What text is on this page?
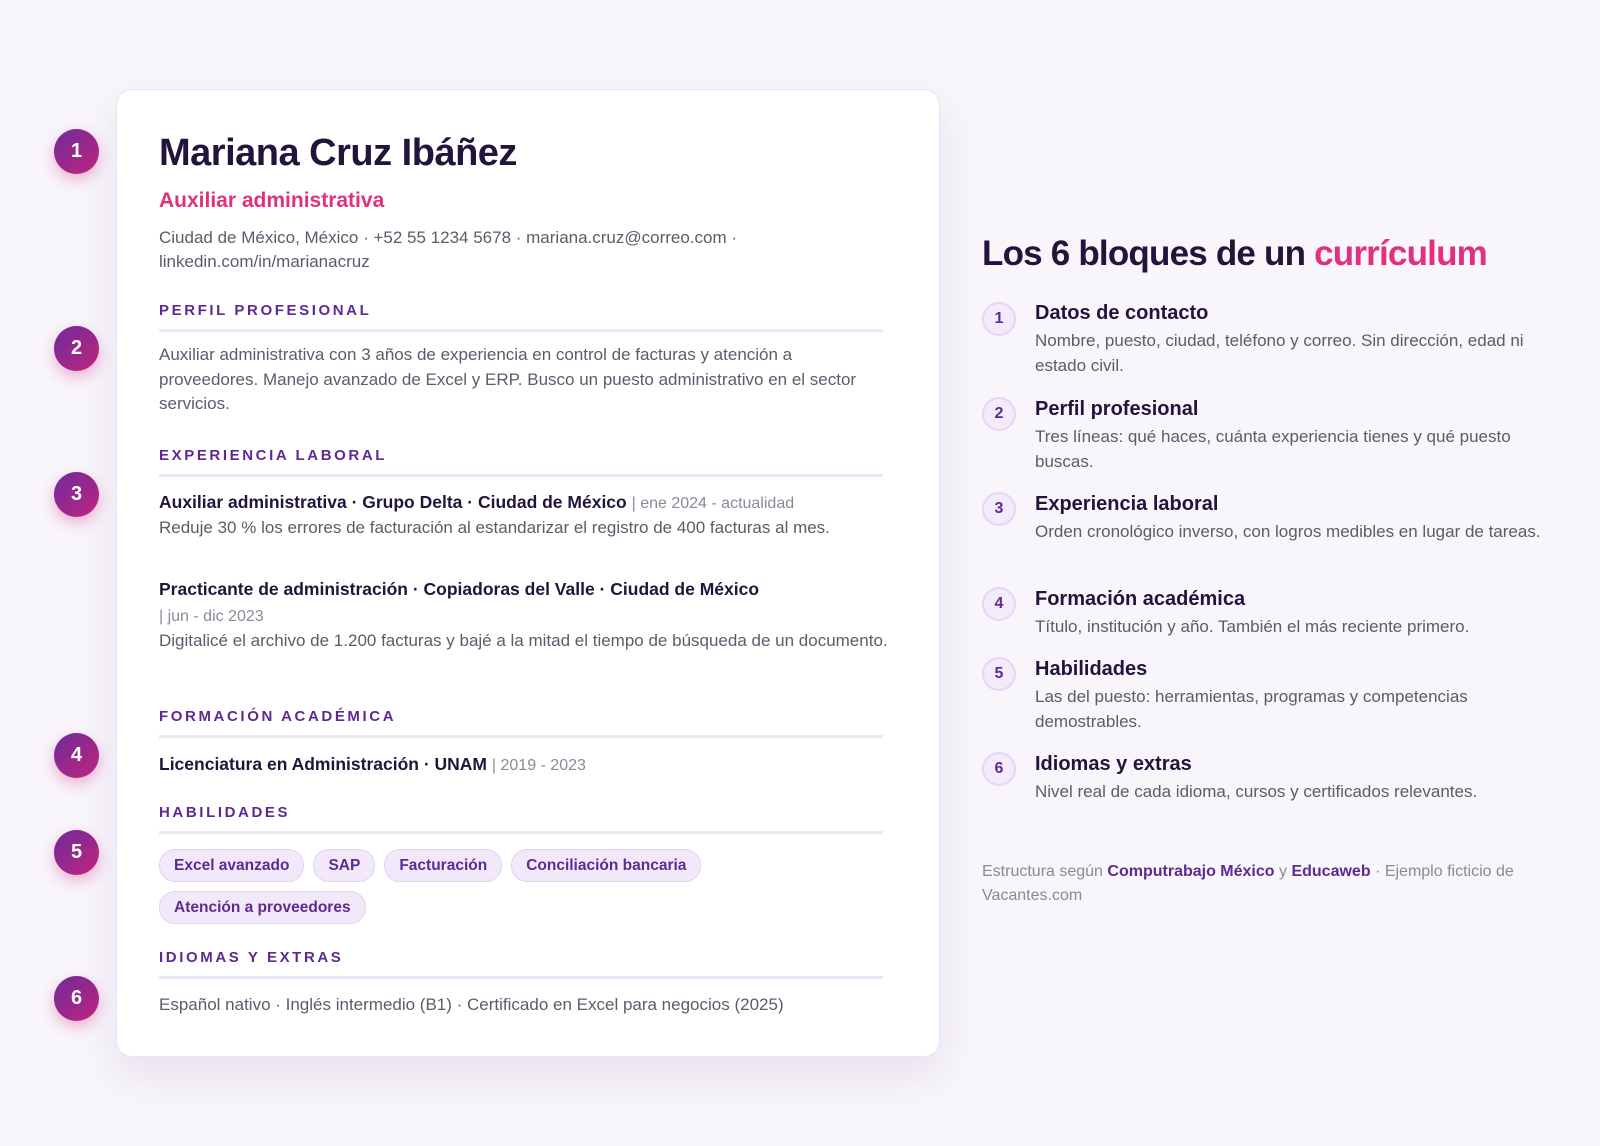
1
2
3
4
5
6
Mariana Cruz Ibáñez
Auxiliar administrativa
Ciudad de México, México · +52 55 1234 5678 · mariana.cruz@correo.com · linkedin.com/in/marianacruz
PERFIL PROFESIONAL
Auxiliar administrativa con 3 años de experiencia en control de facturas y atención a proveedores. Manejo avanzado de Excel y ERP. Busco un puesto administrativo en el sector servicios.
EXPERIENCIA LABORAL
Auxiliar administrativa · Grupo Delta · Ciudad de México | ene 2024 - actualidad
Reduje 30 % los errores de facturación al estandarizar el registro de 400 facturas al mes.
Practicante de administración · Copiadoras del Valle · Ciudad de México
| jun - dic 2023
Digitalicé el archivo de 1.200 facturas y bajé a la mitad el tiempo de búsqueda de un documento.
FORMACIÓN ACADÉMICA
Licenciatura en Administración · UNAM | 2019 - 2023
HABILIDADES
Excel avanzado	SAP	Facturación	Conciliación bancaria
Atención a proveedores
IDIOMAS Y EXTRAS
Español nativo · Inglés intermedio (B1) · Certificado en Excel para negocios (2025)
Los 6 bloques de un currículum
1	Datos de contacto
Nombre, puesto, ciudad, teléfono y correo. Sin dirección, edad ni estado civil.
2	Perfil profesional
Tres líneas: qué haces, cuánta experiencia tienes y qué puesto buscas.
3	Experiencia laboral
Orden cronológico inverso, con logros medibles en lugar de tareas.
4	Formación académica
Título, institución y año. También el más reciente primero.
5	Habilidades
Las del puesto: herramientas, programas y competencias demostrables.
6	Idiomas y extras
Nivel real de cada idioma, cursos y certificados relevantes.
Estructura según Computrabajo México y Educaweb · Ejemplo ficticio de Vacantes.com
